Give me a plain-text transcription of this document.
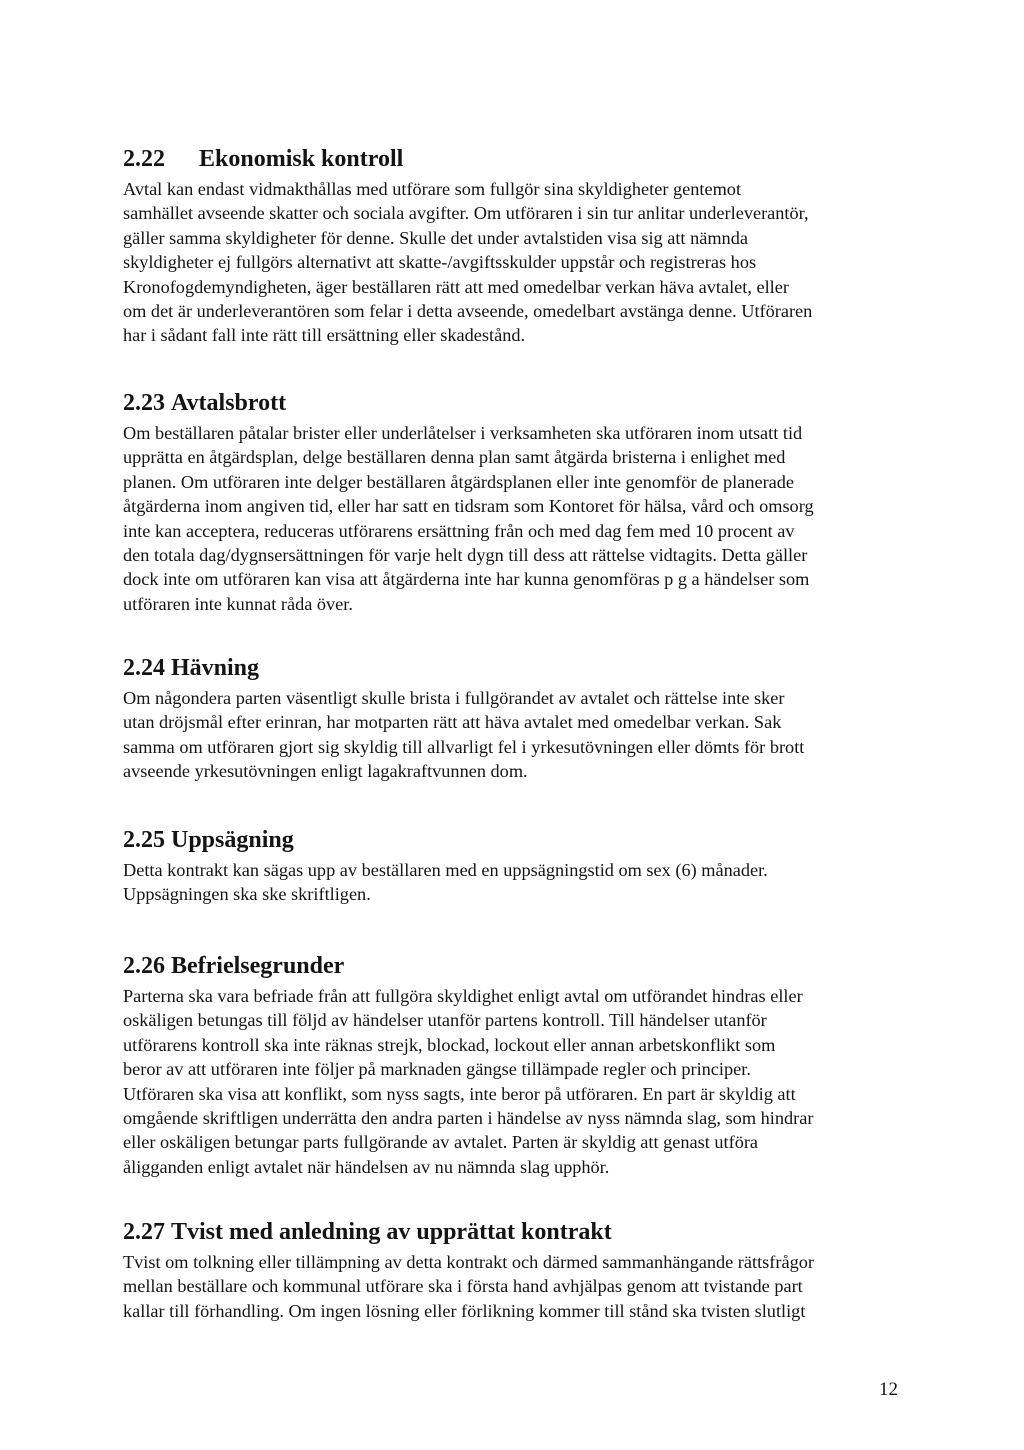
2.22 Ekonomisk kontroll

Avtal kan endast vidmakthållas med utförare som fullgör sina skyldigheter gentemot
samhället avseende skatter och sociala avgifter. Om utföraren i sin tur anlitar underleverantör,
gäller samma skyldigheter för denne. Skulle det under avtalstiden visa sig att nämnda
skyldigheter ej fullgörs alternativt att skatte-/avgiftsskulder uppstår och registreras hos
Kronofogdemyndigheten, äger beställaren rätt att med omedelbar verkan häva avtalet, eller
om det är underleverantören som felar i detta avseende, omedelbart avstänga denne. Utföraren
har i sådant fall inte rätt till ersättning eller skadestånd.

2.23 Avtalsbrott

Om beställaren påtalar brister eller underlåtelser i verksamheten ska utföraren inom utsatt tid
upprätta en åtgärdsplan, delge beställaren denna plan samt åtgärda bristerna i enlighet med
planen. Om utföraren inte delger beställaren åtgärdsplanen eller inte genomför de planerade
åtgärderna inom angiven tid, eller har satt en tidsram som Kontoret för hälsa, vård och omsorg
inte kan acceptera, reduceras utförarens ersättning från och med dag fem med 10 procent av
den totala dag/dygnsersättningen för varje helt dygn till dess att rättelse vidtagits. Detta gäller
dock inte om utföraren kan visa att åtgärderna inte har kunna genomföras p g a händelser som
utföraren inte kunnat råda över.

2.24 Hävning

Om någondera parten väsentligt skulle brista i fullgörandet av avtalet och rättelse inte sker
utan dröjsmål efter erinran, har motparten rätt att häva avtalet med omedelbar verkan. Sak
samma om utföraren gjort sig skyldig till allvarligt fel i yrkesutövningen eller dömts för brott
avseende yrkesutövningen enligt lagakraftvunnen dom.

2.25 Uppsägning

Detta kontrakt kan sägas upp av beställaren med en uppsägningstid om sex (6) månader.
Uppsägningen ska ske skriftligen.

2.26 Befrielsegrunder

Parterna ska vara befriade från att fullgöra skyldighet enligt avtal om utförandet hindras eller
oskäligen betungas till följd av händelser utanför partens kontroll. Till händelser utanför
utförarens kontroll ska inte räknas strejk, blockad, lockout eller annan arbetskonflikt som
beror av att utföraren inte följer på marknaden gängse tillämpade regler och principer.
Utföraren ska visa att konflikt, som nyss sagts, inte beror på utföraren. En part är skyldig att
omgående skriftligen underrätta den andra parten i händelse av nyss nämnda slag, som hindrar
eller oskäligen betungar parts fullgörande av avtalet. Parten är skyldig att genast utföra
åligganden enligt avtalet när händelsen av nu nämnda slag upphör.

2.27 Tvist med anledning av upprättat kontrakt

Tvist om tolkning eller tillämpning av detta kontrakt och därmed sammanhängande rättsfrågor
mellan beställare och kommunal utförare ska i första hand avhjälpas genom att tvistande part
kallar till förhandling. Om ingen lösning eller förlikning kommer till stånd ska tvisten slutligt

12
